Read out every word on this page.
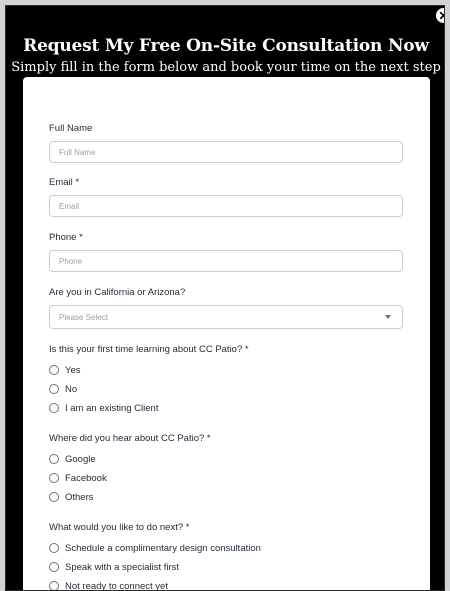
Request My Free On-Site Consultation Now
Simply fill in the form below and book your time on the next step
Full Name
Full Name
Email *
Email
Phone *
Phone
Are you in California or Arizona?
Please Select
Is this your first time learning about CC Patio? *
Yes
No
I am an existing Client
Where did you hear about CC Patio? *
Google
Facebook
Others
What would you like to do next? *
Schedule a complimentary design consultation
Speak with a specialist first
Not ready to connect yet
